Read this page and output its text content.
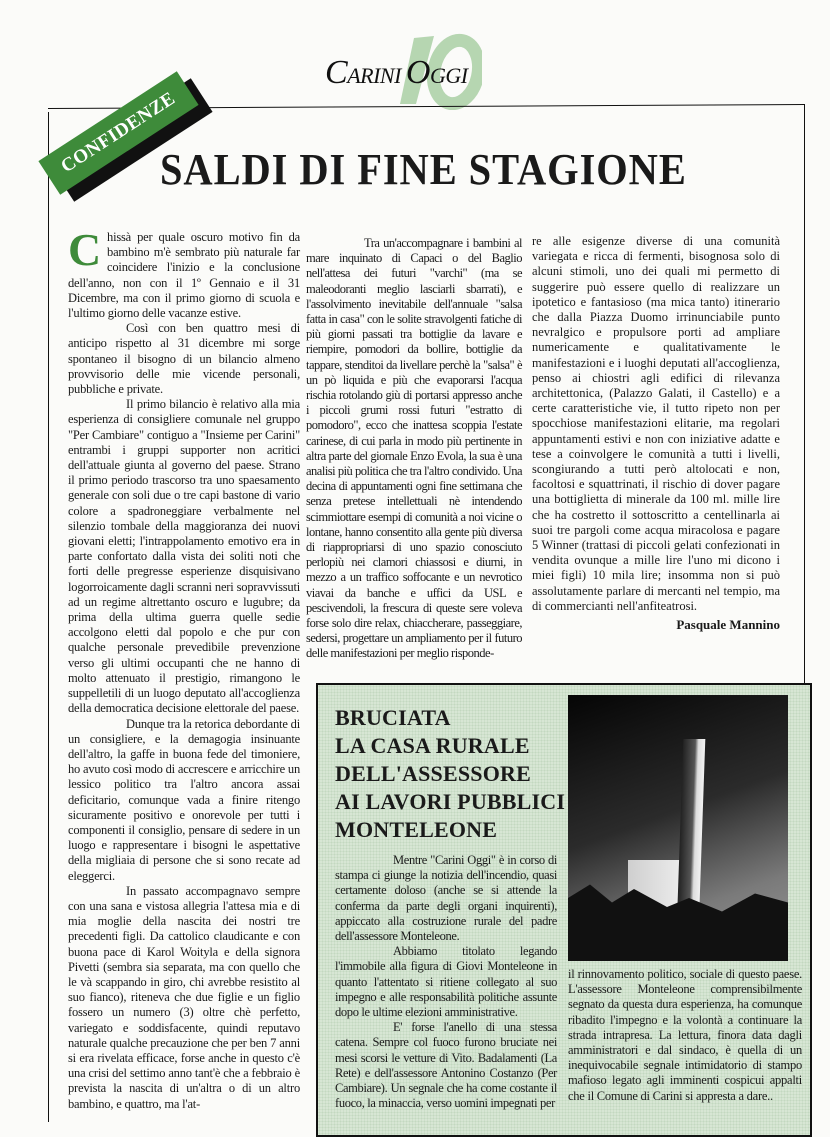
CARINI OGGI
CONFIDENZE
SALDI DI FINE STAGIONE

Chissà per quale oscuro motivo fin da bambino m'è sembrato più naturale far coincidere l'inizio e la conclusione dell'anno, non con il 1º Gennaio e il 31 Dicembre, ma con il primo giorno di scuola e l'ultimo giorno delle vacanze estive.

Così con ben quattro mesi di anticipo rispetto al 31 dicembre mi sorge spontaneo il bisogno di un bilancio almeno provvisorio delle mie vicende personali, pubbliche e private.

Il primo bilancio è relativo alla mia esperienza di consigliere comunale nel gruppo "Per Cambiare" contiguo a "Insieme per Carini" entrambi i gruppi supporter non acritici dell'attuale giunta al governo del paese. Strano il primo periodo trascorso tra uno spaesamento generale con soli due o tre capi bastone di vario colore a spadroneggiare verbalmente nel silenzio tombale della maggioranza dei nuovi giovani eletti; l'intrappolamento emotivo era in parte confortato dalla vista dei soliti noti che forti delle pregresse esperienze disquisivano logorroicamente dagli scranni neri sopravvissuti ad un regime altrettanto oscuro e lugubre; da prima della ultima guerra quelle sedie accolgono eletti dal popolo e che pur con qualche personale prevedibile prevenzione verso gli ultimi occupanti che ne hanno di molto attenuato il prestigio, rimangono le suppelletili di un luogo deputato all'accoglienza della democratica decisione elettorale del paese.

Dunque tra la retorica debordante di un consigliere, e la demagogia insinuante dell'altro, la gaffe in buona fede del timoniere, ho avuto così modo di accrescere e arricchire un lessico politico tra l'altro ancora assai deficitario, comunque vada a finire ritengo sicuramente positivo e onorevole per tutti i componenti il consiglio, pensare di sedere in un luogo e rappresentare i bisogni le aspettative della migliaia di persone che si sono recate ad eleggerci.

In passato accompagnavo sempre con una sana e vistosa allegria l'attesa mia e di mia moglie della nascita dei nostri tre precedenti figli. Da cattolico claudicante e con buona pace di Karol Woityla e della signora Pivetti (sembra sia separata, ma con quello che le và scappando in giro, chi avrebbe resistito al suo fianco), riteneva che due figlie e un figlio fossero un numero (3) oltre chè perfetto, variegato e soddisfacente, quindi reputavo naturale qualche precauzione che per ben 7 anni si era rivelata efficace, forse anche in questo c'è una crisi del settimo anno tant'è che a febbraio è prevista la nascita di un'altra o di un altro bambino, e quattro, ma l'at-

Tra un'accompagnare i bambini al mare inquinato di Capaci o del Baglio nell'attesa dei futuri "varchi" (ma se maleodoranti meglio lasciarli sbarrati), e l'assolvimento inevitabile dell'annuale "salsa fatta in casa" con le solite stravolgenti fatiche di più giorni passati tra bottiglie da lavare e riempire, pomodori da bollire, bottiglie da tappare, stenditoi da livellare perchè la "salsa" è un pò liquida e più che evaporarsi l'acqua rischia rotolando giù di portarsi appresso anche i piccoli grumi rossi futuri "estratto di pomodoro", ecco che inattesa scoppia l'estate carinese, di cui parla in modo più pertinente in altra parte del giornale Enzo Evola, la sua è una analisi più politica che tra l'altro condivido. Una decina di appuntamenti ogni fine settimana che senza pretese intellettuali nè intendendo scimmiottare esempi di comunità a noi vicine o lontane, hanno consentito alla gente più diversa di riappropriarsi di uno spazio conosciuto perlopiù nei clamori chiassosi e diurni, in mezzo a un traffico soffocante e un nevrotico viavai da banche e uffici da USL e pescivendoli, la frescura di queste sere voleva forse solo dire relax, chiaccherare, passeggiare, sedersi, progettare un ampliamento per il futuro delle manifestazioni per meglio risponde-

re alle esigenze diverse di una comunità variegata e ricca di fermenti, bisognosa solo di alcuni stimoli, uno dei quali mi permetto di suggerire può essere quello di realizzare un ipotetico e fantasioso (ma mica tanto) itinerario che dalla Piazza Duomo irrinunciabile punto nevralgico e propulsore porti ad ampliare numericamente e qualitativamente le manifestazioni e i luoghi deputati all'accoglienza, penso ai chiostri agli edifici di rilevanza architettonica, (Palazzo Galati, il Castello) e a certe caratteristiche vie, il tutto ripeto non per spocchiose manifestazioni elitarie, ma regolari appuntamenti estivi e non con iniziative adatte e tese a coinvolgere le comunità a tutti i livelli, scongiurando a tutti però altolocati e non, facoltosi e squattrinati, il rischio di dover pagare una bottiglietta di minerale da 100 ml. mille lire che ha costretto il sottoscritto a centellinarla ai suoi tre pargoli come acqua miracolosa e pagare 5 Winner (trattasi di piccoli gelati confezionati in vendita ovunque a mille lire l'uno mi dicono i miei figli) 10 mila lire; insomma non si può assolutamente parlare di mercanti nel tempio, ma di commercianti nell'anfiteatrosi.

Pasquale Mannino
BRUCIATA
LA CASA RURALE
DELL'ASSESSORE
AI LAVORI PUBBLICI
MONTELEONE

Mentre "Carini Oggi" è in corso di stampa ci giunge la notizia dell'incendio, quasi certamente doloso (anche se si attende la conferma da parte degli organi inquirenti), appiccato alla costruzione rurale del padre dell'assessore Monteleone.

Abbiamo titolato legando l'immobile alla figura di Giovi Monteleone in quanto l'attentato si ritiene collegato al suo impegno e alle responsabilità politiche assunte dopo le ultime elezioni amministrative.

E' forse l'anello di una stessa catena. Sempre col fuoco furono bruciate nei mesi scorsi le vetture di Vito. Badalamenti (La Rete) e dell'assessore Antonino Costanzo (Per Cambiare). Un segnale che ha come costante il fuoco, la minaccia, verso uomini impegnati per

il rinnovamento politico, sociale di questo paese. L'assessore Monteleone comprensibilmente segnato da questa dura esperienza, ha comunque ribadito l'impegno e la volontà a continuare la strada intrapresa. La lettura, finora data dagli amministratori e dal sindaco, è quella di un inequivocabile segnale intimidatorio di stampo mafioso legato agli imminenti cospicui appalti che il Comune di Carini si appresta a dare..
